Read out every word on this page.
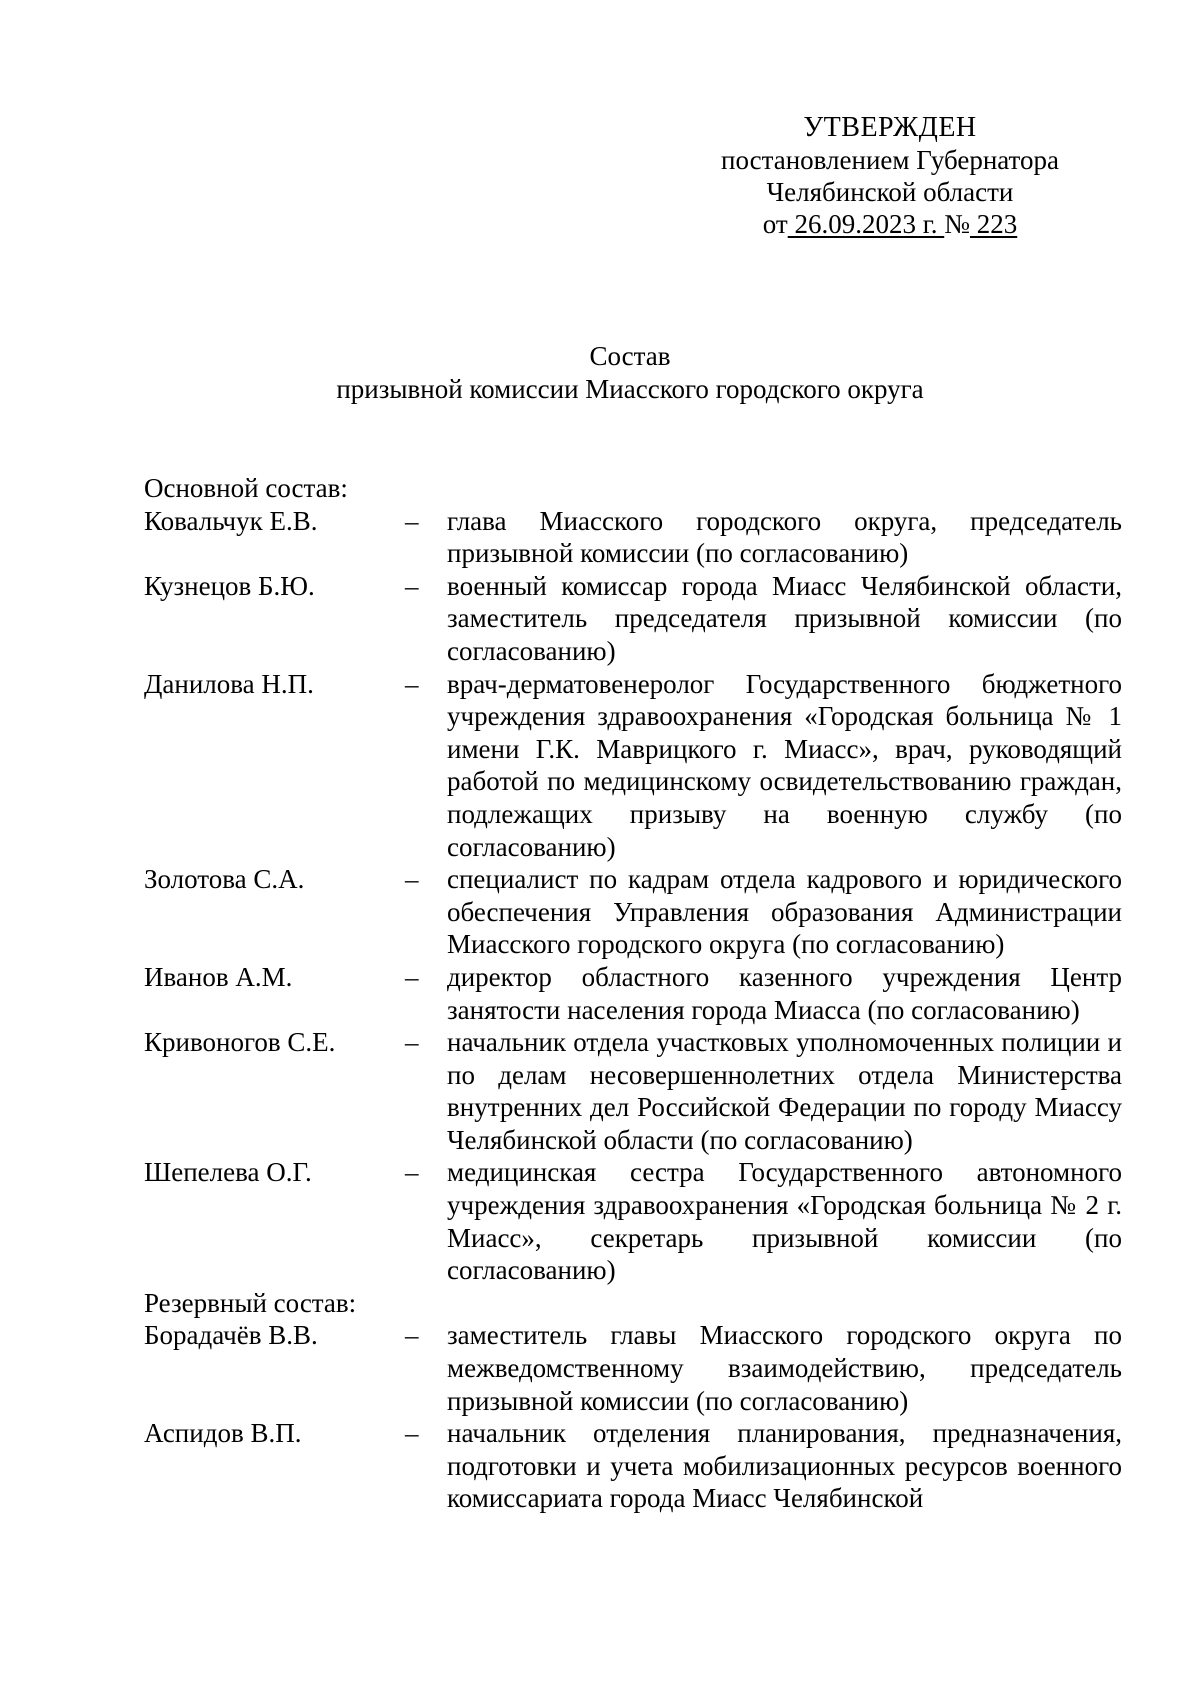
УТВЕРЖДЕН
постановлением Губернатора
Челябинской области
от 26.09.2023 г. № 223
Состав
призывной комиссии Миасского городского округа
Основной состав:
Ковальчук Е.В.	–	глава Миасского городского округа, председатель призывной комиссии (по согласованию)
Кузнецов Б.Ю.	–	военный комиссар города Миасс Челябинской области, заместитель председателя призывной комиссии (по согласованию)
Данилова Н.П.	–	врач-дерматовенеролог Государственного бюджетного учреждения здравоохранения «Городская больница № 1 имени Г.К. Маврицкого г. Миасс», врач, руководящий работой по медицинскому освидетельствованию граждан, подлежащих призыву на военную службу (по согласованию)
Золотова С.А.	–	специалист по кадрам отдела кадрового и юридического обеспечения Управления образования Администрации Миасского городского округа (по согласованию)
Иванов А.М.	–	директор областного казенного учреждения Центр занятости населения города Миасса (по согласованию)
Кривоногов С.Е.	–	начальник отдела участковых уполномоченных полиции и по делам несовершеннолетних отдела Министерства внутренних дел Российской Федерации по городу Миассу Челябинской области (по согласованию)
Шепелева О.Г.	–	медицинская сестра Государственного автономного учреждения здравоохранения «Городская больница № 2 г. Миасс», секретарь призывной комиссии (по согласованию)
Резервный состав:
Борадачёв В.В.	–	заместитель главы Миасского городского округа по межведомственному взаимодействию, председатель призывной комиссии (по согласованию)
Аспидов В.П.	–	начальник отделения планирования, предназначения, подготовки и учета мобилизационных ресурсов военного комиссариата города Миасс Челябинской
